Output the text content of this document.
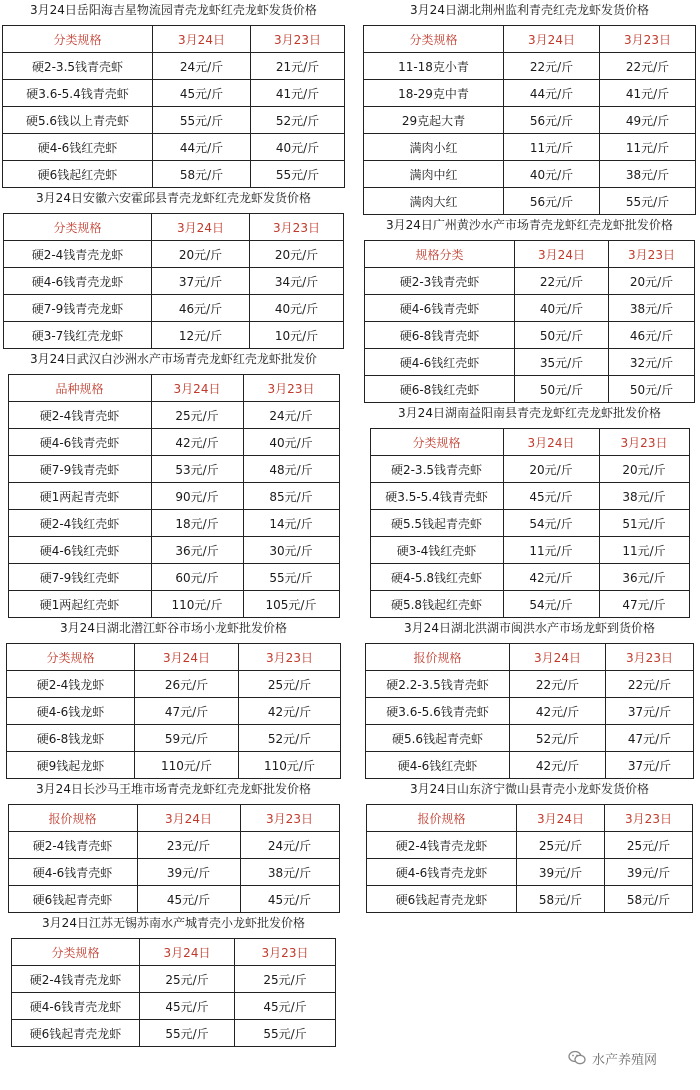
3月24日岳阳海吉星物流园青壳龙虾红壳龙虾发货价格
分类规格	3月24日	3月23日
硬2-3.5钱青壳虾	24元/斤	21元/斤
硬3.6-5.4钱青壳虾	45元/斤	41元/斤
硬5.6钱以上青壳虾	55元/斤	52元/斤
硬4-6钱红壳虾	44元/斤	40元/斤
硬6钱起红壳虾	58元/斤	55元/斤
3月24日安徽六安霍邱县青壳龙虾红壳龙虾发货价格
分类规格	3月24日	3月23日
硬2-4钱青壳龙虾	20元/斤	20元/斤
硬4-6钱青壳龙虾	37元/斤	34元/斤
硬7-9钱青壳龙虾	46元/斤	40元/斤
硬3-7钱红壳龙虾	12元/斤	10元/斤
3月24日武汉白沙洲水产市场青壳龙虾红壳龙虾批发价
品种规格	3月24日	3月23日
硬2-4钱青壳虾	25元/斤	24元/斤
硬4-6钱青壳虾	42元/斤	40元/斤
硬7-9钱青壳虾	53元/斤	48元/斤
硬1两起青壳虾	90元/斤	85元/斤
硬2-4钱红壳虾	18元/斤	14元/斤
硬4-6钱红壳虾	36元/斤	30元/斤
硬7-9钱红壳虾	60元/斤	55元/斤
硬1两起红壳虾	110元/斤	105元/斤
3月24日湖北潜江虾谷市场小龙虾批发价格
分类规格	3月24日	3月23日
硬2-4钱龙虾	26元/斤	25元/斤
硬4-6钱龙虾	47元/斤	42元/斤
硬6-8钱龙虾	59元/斤	52元/斤
硬9钱起龙虾	110元/斤	110元/斤
3月24日长沙马王堆市场青壳龙虾红壳龙虾批发价格
报价规格	3月24日	3月23日
硬2-4钱青壳虾	23元/斤	24元/斤
硬4-6钱青壳虾	39元/斤	38元/斤
硬6钱起青壳虾	45元/斤	45元/斤
3月24日江苏无锡苏南水产城青壳小龙虾批发价格
分类规格	3月24日	3月23日
硬2-4钱青壳龙虾	25元/斤	25元/斤
硬4-6钱青壳龙虾	45元/斤	45元/斤
硬6钱起青壳龙虾	55元/斤	55元/斤
3月24日湖北荆州监利青壳红壳龙虾发货价格
分类规格	3月24日	3月23日
11-18克小青	22元/斤	22元/斤
18-29克中青	44元/斤	41元/斤
29克起大青	56元/斤	49元/斤
满肉小红	11元/斤	11元/斤
满肉中红	40元/斤	38元/斤
满肉大红	56元/斤	55元/斤
3月24日广州黄沙水产市场青壳龙虾红壳龙虾批发价格
规格分类	3月24日	3月23日
硬2-3钱青壳虾	22元/斤	20元/斤
硬4-6钱青壳虾	40元/斤	38元/斤
硬6-8钱青壳虾	50元/斤	46元/斤
硬4-6钱红壳虾	35元/斤	32元/斤
硬6-8钱红壳虾	50元/斤	50元/斤
3月24日湖南益阳南县青壳龙虾红壳龙虾批发价格
分类规格	3月24日	3月23日
硬2-3.5钱青壳虾	20元/斤	20元/斤
硬3.5-5.4钱青壳虾	45元/斤	38元/斤
硬5.5钱起青壳虾	54元/斤	51元/斤
硬3-4钱红壳虾	11元/斤	11元/斤
硬4-5.8钱红壳虾	42元/斤	36元/斤
硬5.8钱起红壳虾	54元/斤	47元/斤
3月24日湖北洪湖市闽洪水产市场龙虾到货价格
报价规格	3月24日	3月23日
硬2.2-3.5钱青壳虾	22元/斤	22元/斤
硬3.6-5.6钱青壳虾	42元/斤	37元/斤
硬5.6钱起青壳虾	52元/斤	47元/斤
硬4-6钱红壳虾	42元/斤	37元/斤
3月24日山东济宁微山县青壳小龙虾发货价格
报价规格	3月24日	3月23日
硬2-4钱青壳龙虾	25元/斤	25元/斤
硬4-6钱青壳龙虾	39元/斤	39元/斤
硬6钱起青壳龙虾	58元/斤	58元/斤
水产养殖网
